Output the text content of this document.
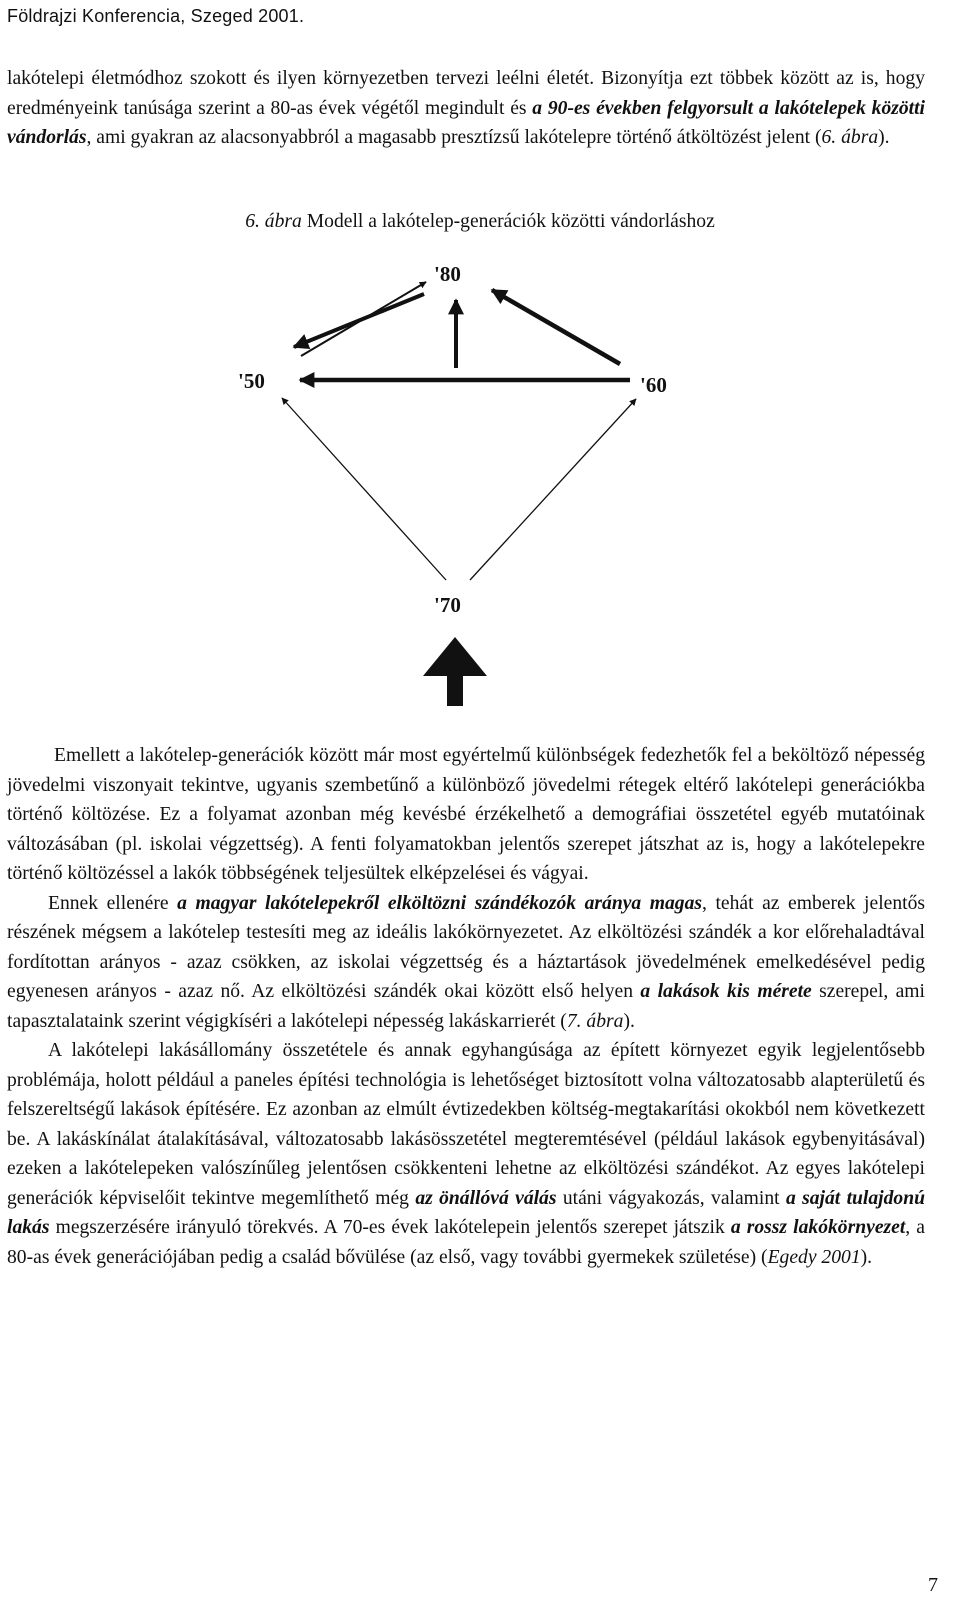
Földrajzi Konferencia, Szeged 2001.

lakótelepi életmódhoz szokott és ilyen környezetben tervezi leélni életét. Bizonyítja ezt többek között az is, hogy eredményeink tanúsága szerint a 80-as évek végétől megindult és a 90-es években felgyorsult a lakótelepek közötti vándorlás, ami gyakran az alacsonyabbról a magasabb presztízsű lakótelepre történő átköltözést jelent (6. ábra).

6. ábra Modell a lakótelep-generációk közötti vándorláshoz
'80
'50	'60
'70

Emellett a lakótelep-generációk között már most egyértelmű különbségek fedezhetők fel a beköltöző népesség jövedelmi viszonyait tekintve, ugyanis szembetűnő a különböző jövedelmi rétegek eltérő lakótelepi generációkba történő költözése. Ez a folyamat azonban még kevésbé érzékelhető a demográfiai összetétel egyéb mutatóinak változásában (pl. iskolai végzettség). A fenti folyamatokban jelentős szerepet játszhat az is, hogy a lakótelepekre történő költözéssel a lakók többségének teljesültek elképzelései és vágyai.

Ennek ellenére a magyar lakótelepekről elköltözni szándékozók aránya magas, tehát az emberek jelentős részének mégsem a lakótelep testesíti meg az ideális lakókörnyezetet. Az elköltözési szándék a kor előrehaladtával fordítottan arányos - azaz csökken, az iskolai végzettség és a háztartások jövedelmének emelkedésével pedig egyenesen arányos - azaz nő. Az elköltözési szándék okai között első helyen a lakások kis mérete szerepel, ami tapasztalataink szerint végigkíséri a lakótelepi népesség lakáskarrierét (7. ábra).

A lakótelepi lakásállomány összetétele és annak egyhangúsága az épített környezet egyik legjelentősebb problémája, holott például a paneles építési technológia is lehetőséget biztosított volna változatosabb alapterületű és felszereltségű lakások építésére. Ez azonban az elmúlt évtizedekben költség-megtakarítási okokból nem következett be. A lakáskínálat átalakításával, változatosabb lakásösszetétel megteremtésével (például lakások egybenyitásával) ezeken a lakótelepeken valószínűleg jelentősen csökkenteni lehetne az elköltözési szándékot. Az egyes lakótelepi generációk képviselőit tekintve megemlíthető még az önállóvá válás utáni vágyakozás, valamint a saját tulajdonú lakás megszerzésére irányuló törekvés. A 70-es évek lakótelepein jelentős szerepet játszik a rossz lakókörnyezet, a 80-as évek generációjában pedig a család bővülése (az első, vagy további gyermekek születése) (Egedy 2001).

7
